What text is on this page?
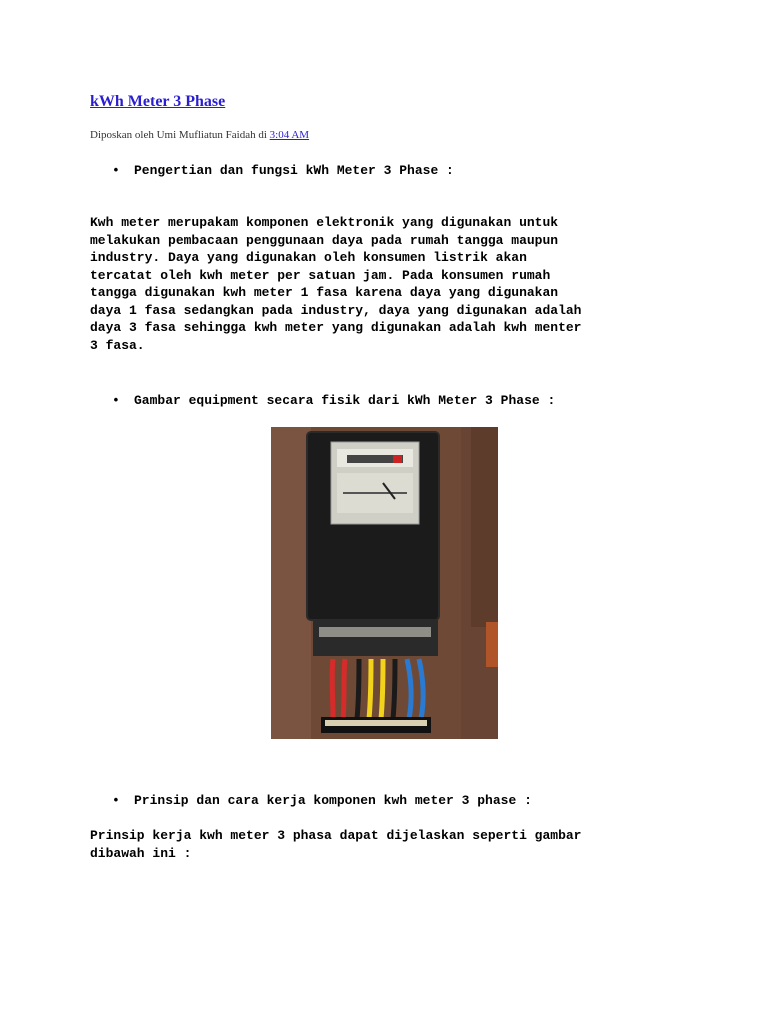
kWh Meter 3 Phase
Diposkan oleh Umi Mufliatun Faidah di 3:04 AM
•	Pengertian dan fungsi kWh Meter 3 Phase :
Kwh meter merupakam komponen elektronik yang digunakan untuk
melakukan pembacaan penggunaan daya pada rumah tangga maupun
industry. Daya yang digunakan oleh konsumen listrik akan
tercatat oleh kwh meter per satuan jam. Pada konsumen rumah
tangga digunakan kwh meter 1 fasa karena daya yang digunakan
daya 1 fasa sedangkan pada industry, daya yang digunakan adalah
daya 3 fasa sehingga kwh meter yang digunakan adalah kwh menter
3 fasa.
•	Gambar equipment secara fisik dari kWh Meter 3 Phase :
•	Prinsip dan cara kerja komponen kwh meter 3 phase :
Prinsip kerja kwh meter 3 phasa dapat dijelaskan seperti gambar
dibawah ini :
